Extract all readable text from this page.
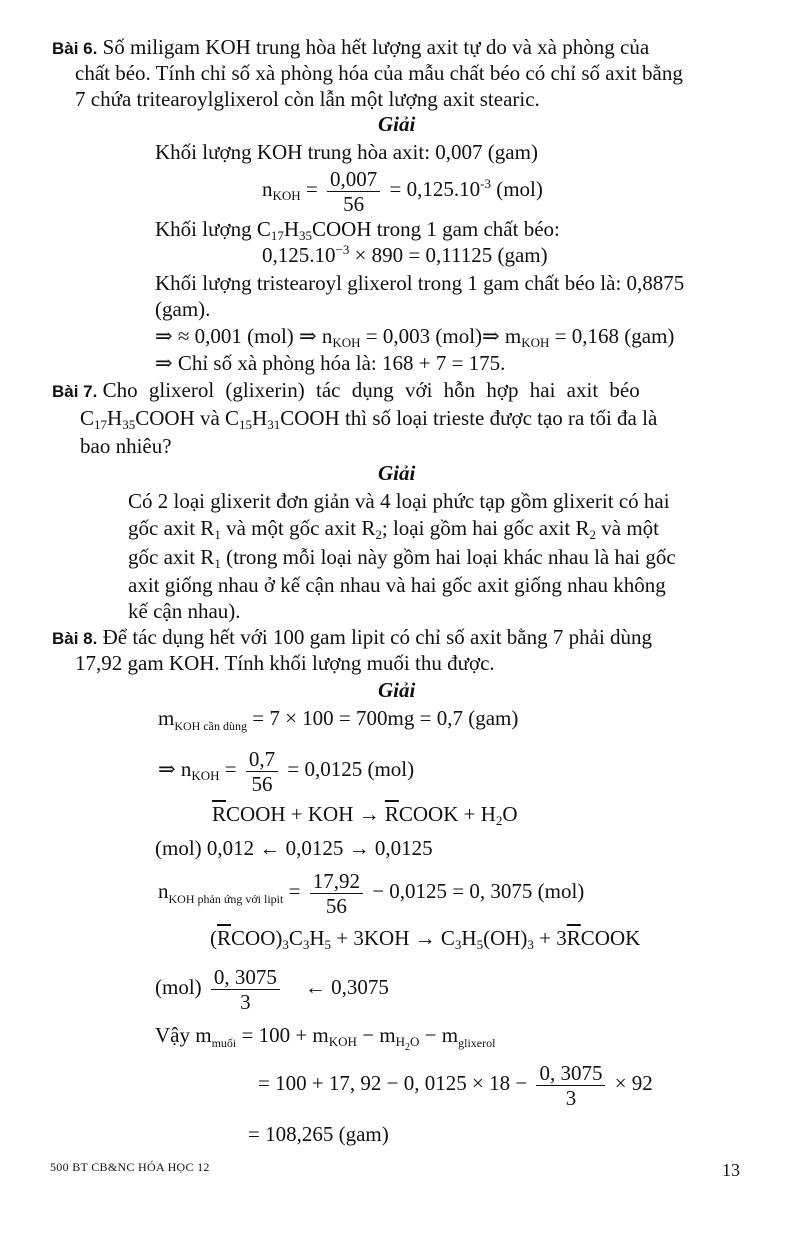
Bài 6. Số miligam KOH trung hòa hết lượng axit tự do và xà phòng của
chất béo. Tính chỉ số xà phòng hóa của mẫu chất béo có chỉ số axit bằng
7 chứa tritearoylglixerol còn lẫn một lượng axit stearic.
Giải
Khối lượng KOH trung hòa axit: 0,007 (gam)
$n_{KOH} = \frac{0,007}{56} = 0,125.10^{-3}$ (mol)
Khối lượng $C_{17}H_{35}COOH$ trong 1 gam chất béo:
$0,125.10^{-3} \times 890 = 0,11125$ (gam)
Khối lượng tristearoyl glixerol trong 1 gam chất béo là: 0,8875
(gam).
⇒ ≈ 0,001 (mol) ⇒ $n_{KOH} = 0,003$ (mol)⇒ $m_{KOH} = 0,168$ (gam)
⇒ Chỉ số xà phòng hóa là: 168 + 7 = 175.
Bài 7. Cho glixerol (glixerin) tác dụng với hỗn hợp hai axit béo
$C_{17}H_{35}COOH$ và $C_{15}H_{31}COOH$ thì số loại trieste được tạo ra tối đa là
bao nhiêu?
Giải
Có 2 loại glixerit đơn giản và 4 loại phức tạp gồm glixerit có hai
gốc axit $R_1$ và một gốc axit $R_2$; loại gồm hai gốc axit $R_2$ và một
gốc axit $R_1$ (trong mỗi loại này gồm hai loại khác nhau là hai gốc
axit giống nhau ở kế cận nhau và hai gốc axit giống nhau không
kế cận nhau).
Bài 8. Để tác dụng hết với 100 gam lipit có chỉ số axit bằng 7 phải dùng
17,92 gam KOH. Tính khối lượng muối thu được.
Giải
$m_{KOH cần dùng} = 7 \times 100 = 700mg = 0,7$ (gam)
⇒ $n_{KOH} = \frac{0,7}{56} = 0,0125$ (mol)
$\overline{R}COOH$ + KOH → $\overline{R}COOK + H_2O$
(mol) 0,012 ← 0,0125 → 0,0125
$n_{KOH phản ứng với lipit} = \frac{17,92}{56} - 0,0125 = 0$, 3075 (mol)
$(\overline{R}COO)_3C_3H_5 + 3KOH \to C_3H_5(OH)_3$ + $3\overline{R}COOK$
$(mol) \frac{0, 3075}{3}$ ← 0,3075
Vậy $m_{muối} = 100 + m_{KOH} - m_{H2O} - m_{glixerol}$
= 100 + 17, 92 − 0, $0125 \times 18 - \frac{0, 3075}{3} \times 92$
= 108,265 (gam)
500 BT CB&NC HÓA HỌC 12	13
